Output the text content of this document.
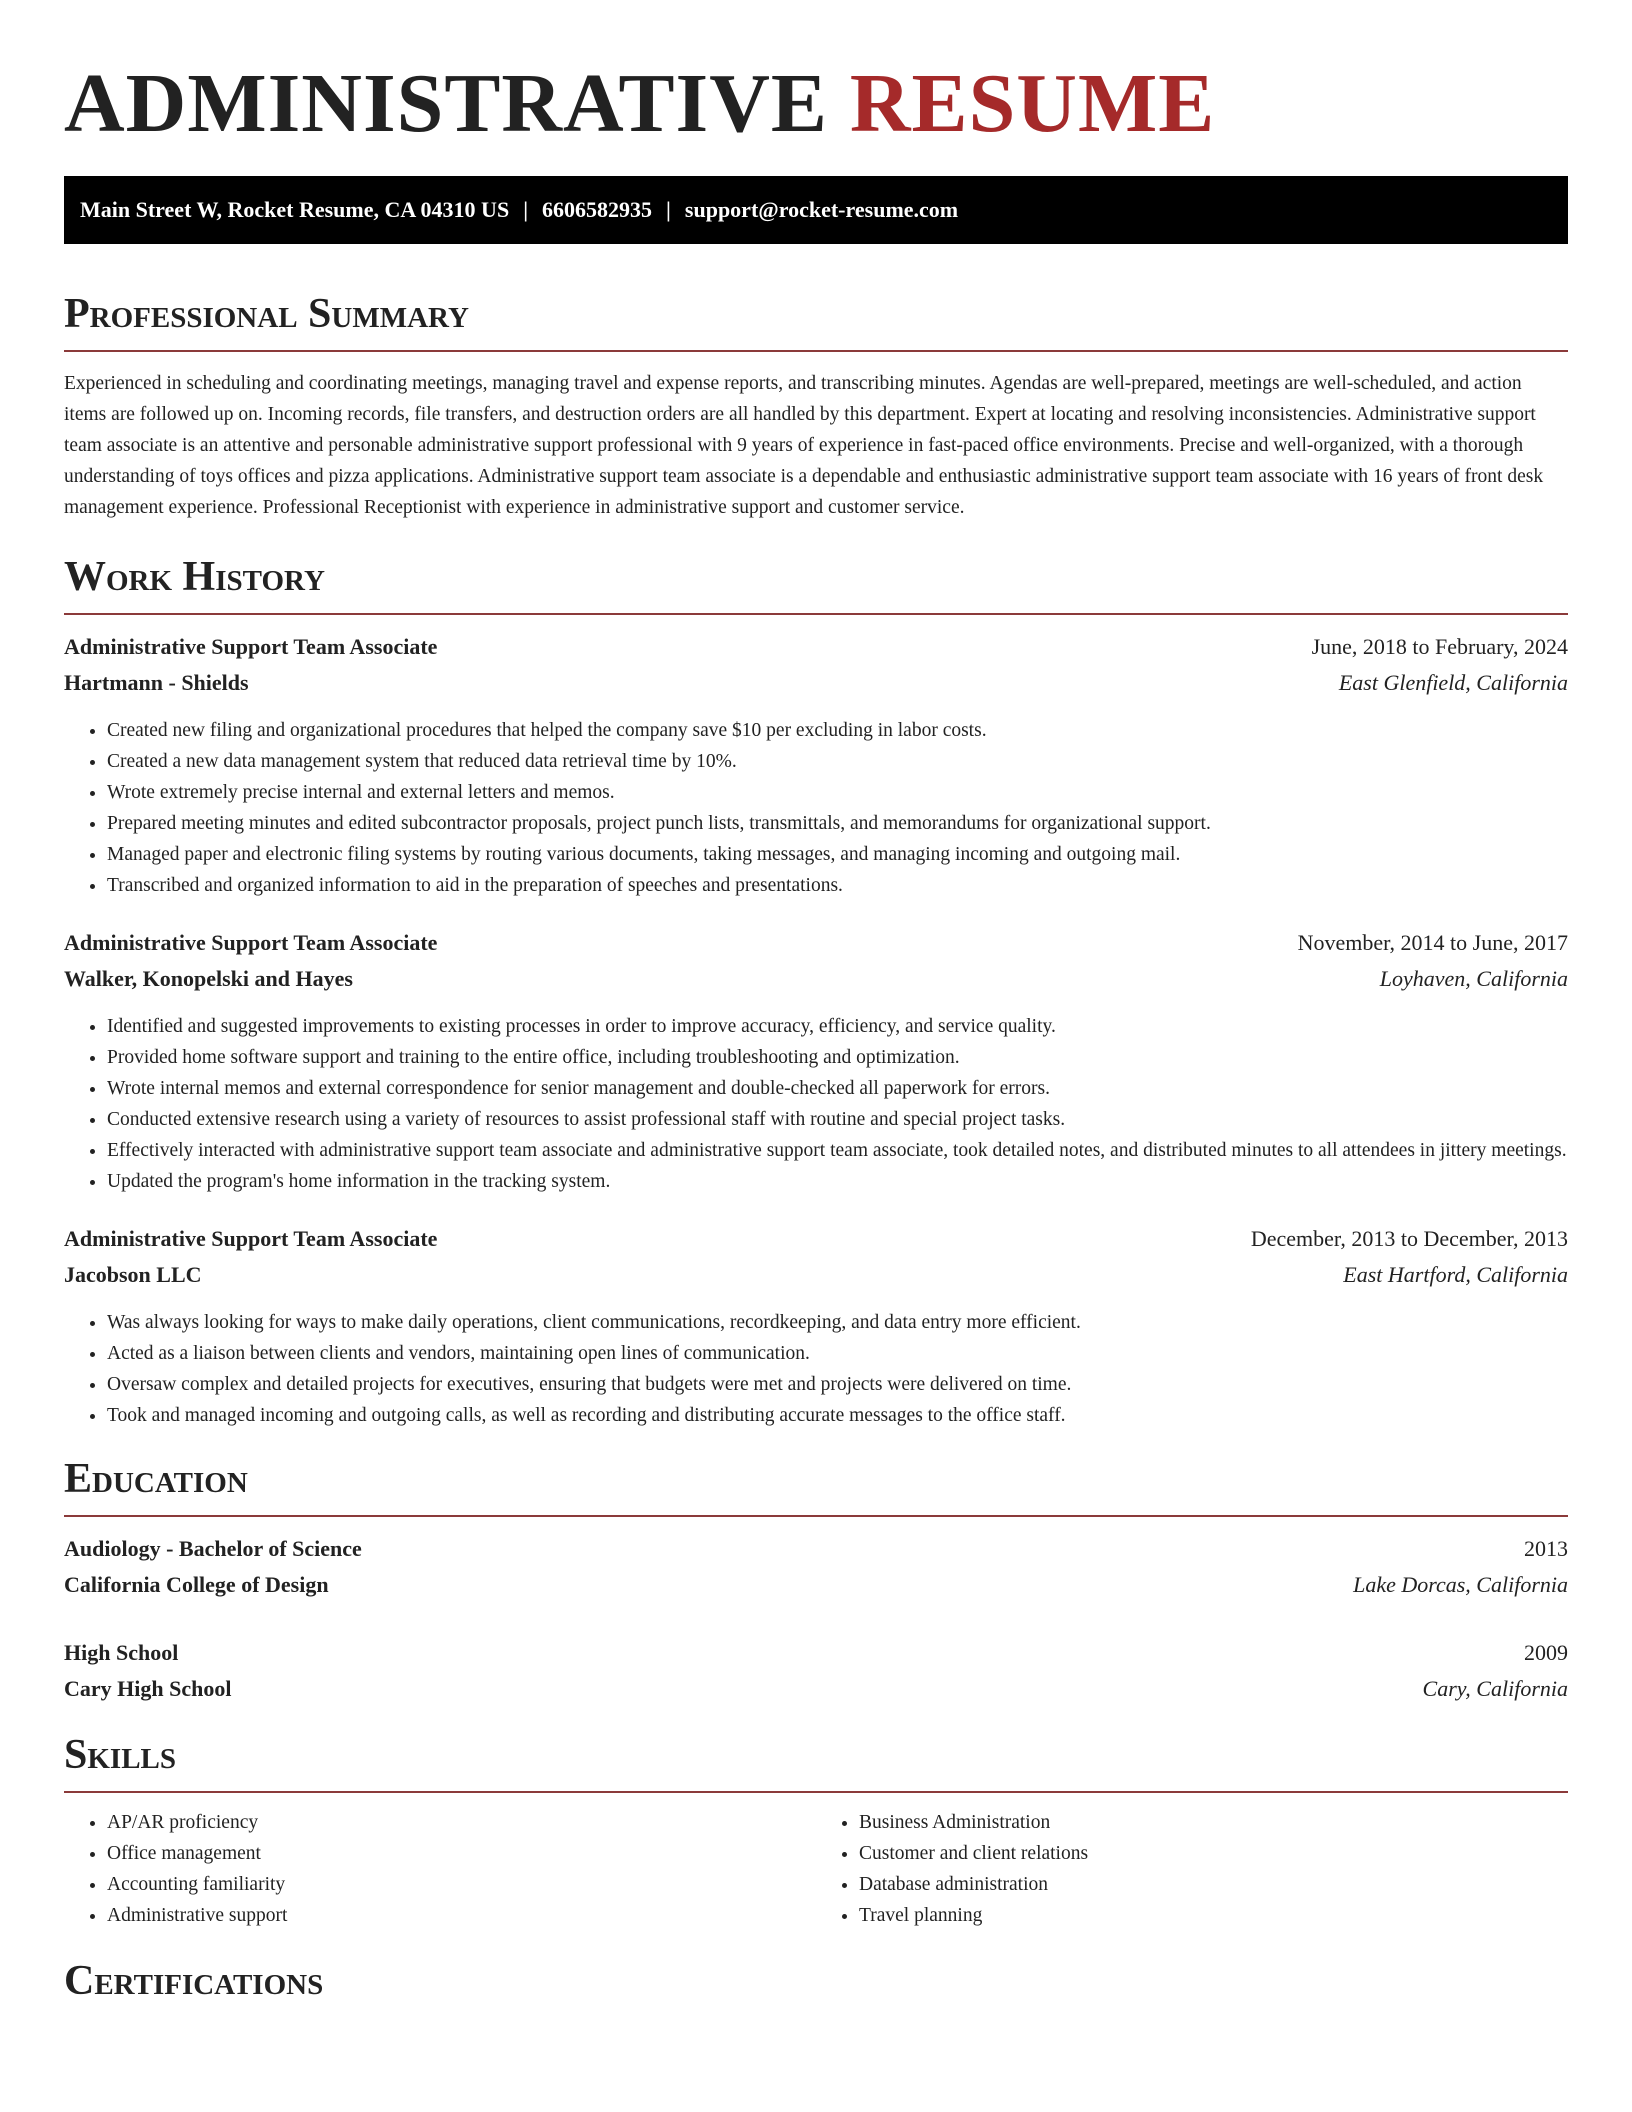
ADMINISTRATIVE RESUME
Main Street W, Rocket Resume, CA 04310 US | 6606582935 | support@rocket-resume.com
Professional Summary

Experienced in scheduling and coordinating meetings, managing travel and expense reports, and transcribing minutes. Agendas are well-prepared, meetings are well-scheduled, and action items are followed up on. Incoming records, file transfers, and destruction orders are all handled by this department. Expert at locating and resolving inconsistencies. Administrative support team associate is an attentive and personable administrative support professional with 9 years of experience in fast-paced office environments. Precise and well-organized, with a thorough understanding of toys offices and pizza applications. Administrative support team associate is a dependable and enthusiastic administrative support team associate with 16 years of front desk management experience. Professional Receptionist with experience in administrative support and customer service.

Work History
Administrative Support Team Associate	June, 2018 to February, 2024
Hartmann - Shields	East Glenfield, California
• Created new filing and organizational procedures that helped the company save $10 per excluding in labor costs.
• Created a new data management system that reduced data retrieval time by 10%.
• Wrote extremely precise internal and external letters and memos.
• Prepared meeting minutes and edited subcontractor proposals, project punch lists, transmittals, and memorandums for organizational support.
• Managed paper and electronic filing systems by routing various documents, taking messages, and managing incoming and outgoing mail.
• Transcribed and organized information to aid in the preparation of speeches and presentations.
Administrative Support Team Associate	November, 2014 to June, 2017
Walker, Konopelski and Hayes	Loyhaven, California
• Identified and suggested improvements to existing processes in order to improve accuracy, efficiency, and service quality.
• Provided home software support and training to the entire office, including troubleshooting and optimization.
• Wrote internal memos and external correspondence for senior management and double-checked all paperwork for errors.
• Conducted extensive research using a variety of resources to assist professional staff with routine and special project tasks.
• Effectively interacted with administrative support team associate and administrative support team associate, took detailed notes, and distributed minutes to all attendees in jittery meetings.
• Updated the program's home information in the tracking system.
Administrative Support Team Associate	December, 2013 to December, 2013
Jacobson LLC	East Hartford, California
• Was always looking for ways to make daily operations, client communications, recordkeeping, and data entry more efficient.
• Acted as a liaison between clients and vendors, maintaining open lines of communication.
• Oversaw complex and detailed projects for executives, ensuring that budgets were met and projects were delivered on time.
• Took and managed incoming and outgoing calls, as well as recording and distributing accurate messages to the office staff.
Education
Audiology - Bachelor of Science	2013
California College of Design	Lake Dorcas, California
High School	2009
Cary High School	Cary, California
Skills
• AP/AR proficiency
• Office management
• Accounting familiarity
• Administrative support
• Business Administration
• Customer and client relations
• Database administration
• Travel planning
Certifications
